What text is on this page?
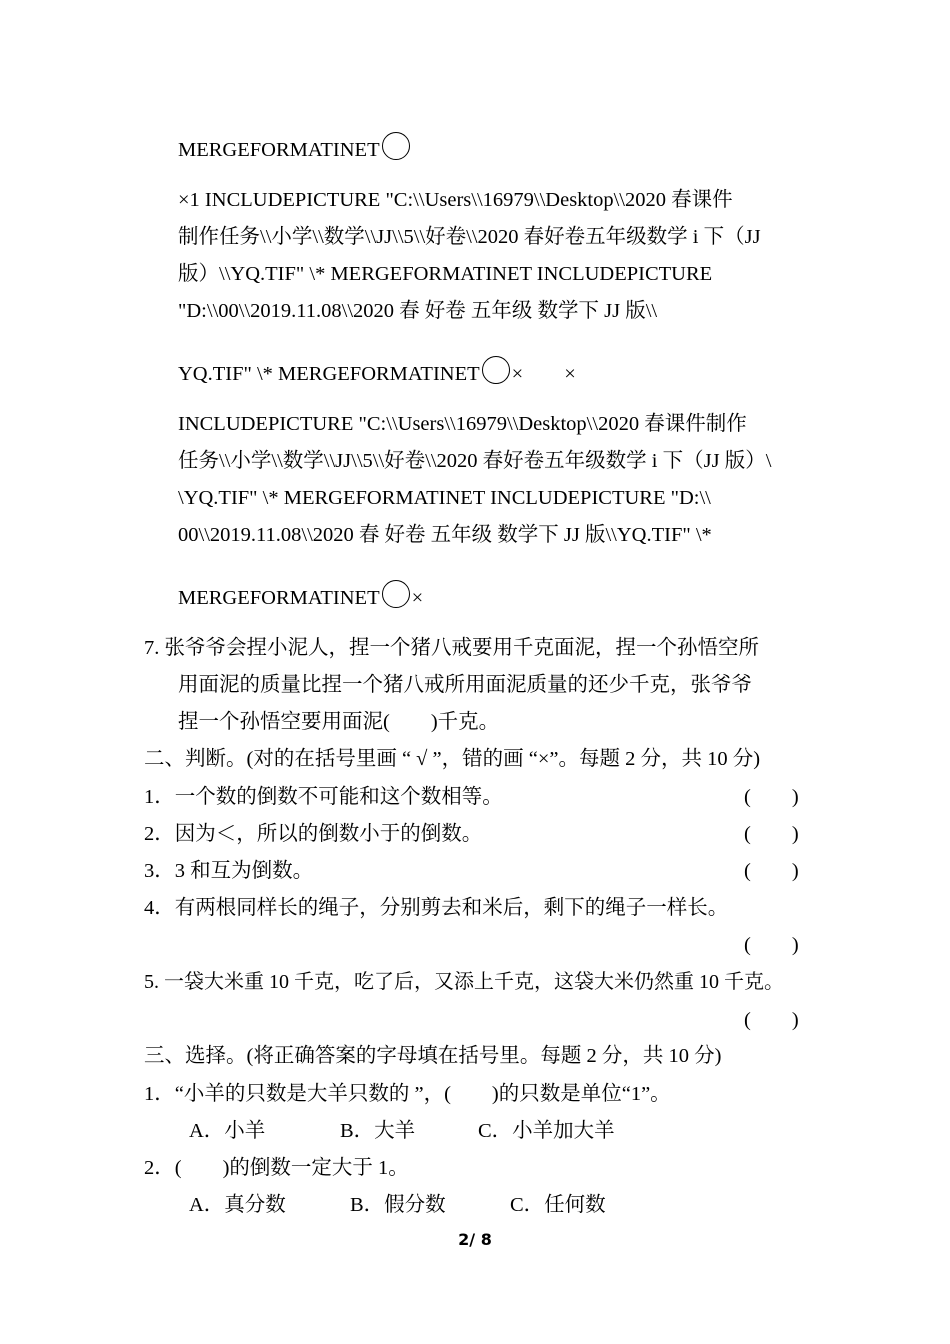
MERGEFORMATINET
×1 INCLUDEPICTURE "C:\\Users\\16979\\Desktop\\2020 春课件
制作任务\\小学\\数学\\JJ\\5\\好卷\\2020 春好卷五年级数学 i 下（JJ
版）\\YQ.TIF" \* MERGEFORMATINET INCLUDEPICTURE
"D:\\00\\2019.11.08\\2020 春 好卷 五年级 数学下 JJ 版\\
YQ.TIF" \* MERGEFORMATINET ×        ×
INCLUDEPICTURE "C:\\Users\\16979\\Desktop\\2020 春课件制作
任务\\小学\\数学\\JJ\\5\\好卷\\2020 春好卷五年级数学 i 下（JJ 版）\
\YQ.TIF" \* MERGEFORMATINET INCLUDEPICTURE "D:\\
00\\2019.11.08\\2020 春 好卷 五年级 数学下 JJ 版\\YQ.TIF" \*
MERGEFORMATINET ×
7. 张爷爷会捏小泥人，捏一个猪八戒要用千克面泥，捏一个孙悟空所
用面泥的质量比捏一个猪八戒所用面泥质量的还少千克，张爷爷
捏一个孙悟空要用面泥(        )千克。
二、判断。(对的在括号里画 “ √ ”，错的画 “×”。每题 2 分，共 10 分)
1．一个数的倒数不可能和这个数相等。	(        )
2．因为＜，所以的倒数小于的倒数。	(        )
3．3 和互为倒数。	(        )
4．有两根同样长的绳子，分别剪去和米后，剩下的绳子一样长。
(        )
5. 一袋大米重 10 千克，吃了后，又添上千克，这袋大米仍然重 10 千克。
(        )
三、选择。(将正确答案的字母填在括号里。每题 2 分，共 10 分)
1．“小羊的只数是大羊只数的 ”，(        )的只数是单位“1”。
A．小羊	B．大羊	C．小羊加大羊
2．(        )的倒数一定大于 1。
A．真分数	B．假分数	C．任何数
2/ 8
